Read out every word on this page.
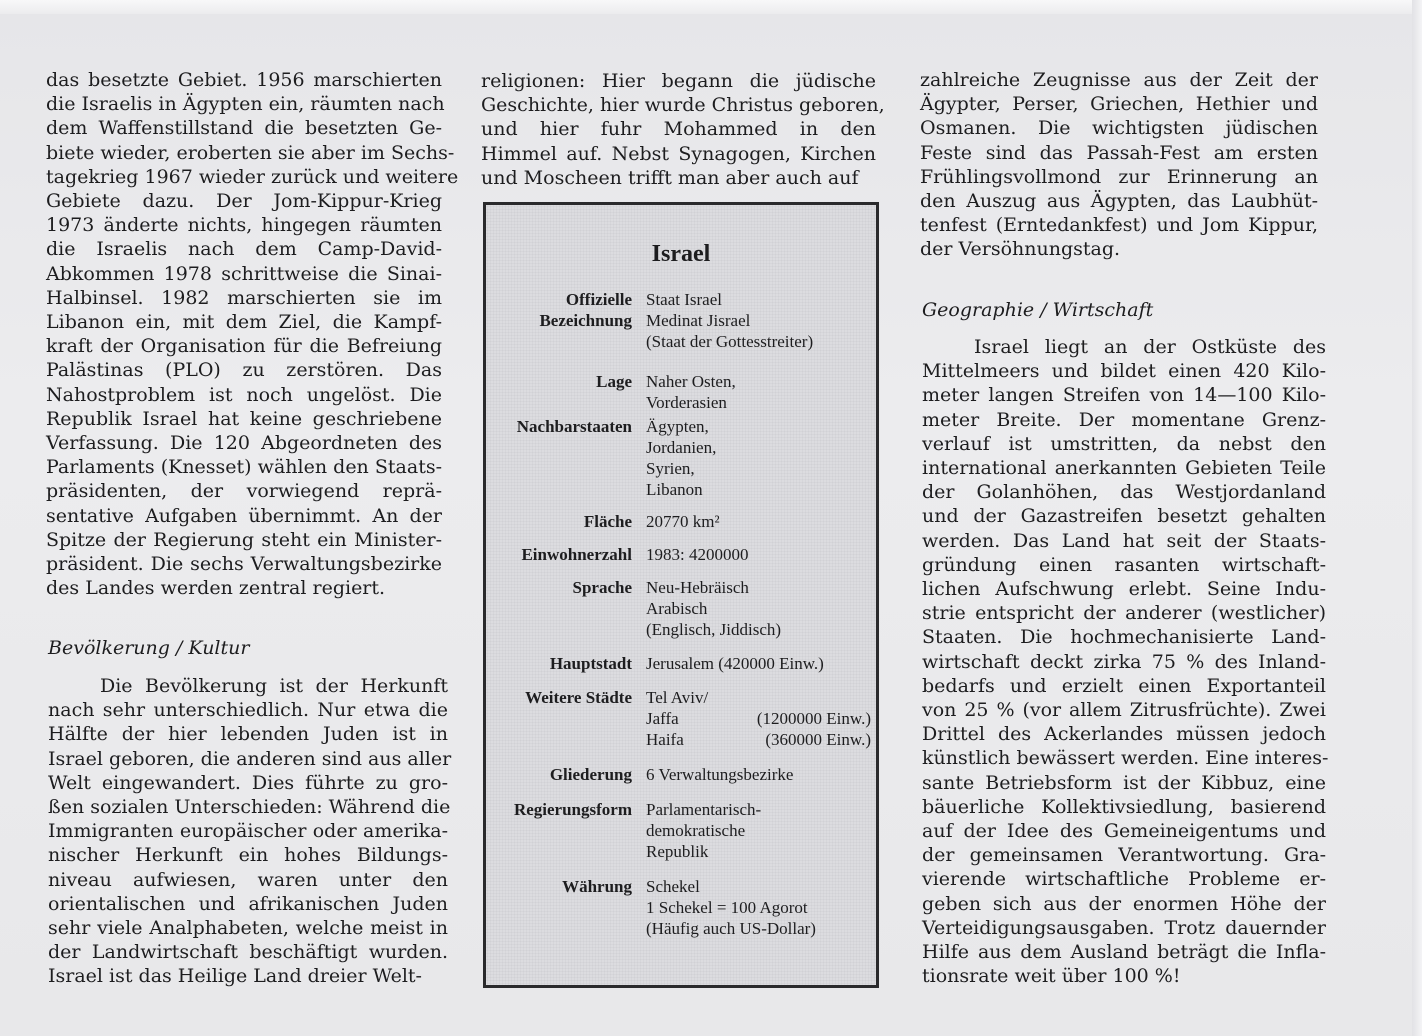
das besetzte Gebiet. 1956 marschierten
die Israelis in Ägypten ein, räumten nach
dem Waffenstillstand die besetzten Ge-
biete wieder, eroberten sie aber im Sechs-
tagekrieg 1967 wieder zurück und weitere
Gebiete dazu. Der Jom-Kippur-Krieg
1973 änderte nichts, hingegen räumten
die Israelis nach dem Camp-David-
Abkommen 1978 schrittweise die Sinai-
Halbinsel. 1982 marschierten sie im
Libanon ein, mit dem Ziel, die Kampf-
kraft der Organisation für die Befreiung
Palästinas (PLO) zu zerstören. Das
Nahostproblem ist noch ungelöst. Die
Republik Israel hat keine geschriebene
Verfassung. Die 120 Abgeordneten des
Parlaments (Knesset) wählen den Staats-
präsidenten, der vorwiegend reprä-
sentative Aufgaben übernimmt. An der
Spitze der Regierung steht ein Minister-
präsident. Die sechs Verwaltungsbezirke
des Landes werden zentral regiert.
Bevölkerung / Kultur
Die Bevölkerung ist der Herkunft
nach sehr unterschiedlich. Nur etwa die
Hälfte der hier lebenden Juden ist in
Israel geboren, die anderen sind aus aller
Welt eingewandert. Dies führte zu gro-
ßen sozialen Unterschieden: Während die
Immigranten europäischer oder amerika-
nischer Herkunft ein hohes Bildungs-
niveau aufwiesen, waren unter den
orientalischen und afrikanischen Juden
sehr viele Analphabeten, welche meist in
der Landwirtschaft beschäftigt wurden.
Israel ist das Heilige Land dreier Welt-
religionen: Hier begann die jüdische
Geschichte, hier wurde Christus geboren,
und hier fuhr Mohammed in den
Himmel auf. Nebst Synagogen, Kirchen
und Moscheen trifft man aber auch auf
Israel
Offizielle
Bezeichnung
Staat Israel
Medinat Jisrael
(Staat der Gottesstreiter)
Lage Naher Osten,
Vorderasien
Nachbarstaaten Ägypten,
Jordanien,
Syrien,
Libanon
Fläche 20770 km²
Einwohnerzahl 1983: 4200000
Sprache Neu-Hebräisch
Arabisch
(Englisch, Jiddisch)
Hauptstadt Jerusalem (420000 Einw.)
Weitere Städte Tel Aviv/
Jaffa	(1200000 Einw.)
Haifa	(360000 Einw.)
Gliederung 6 Verwaltungsbezirke
Regierungsform Parlamentarisch-
demokratische
Republik
Währung Schekel
1 Schekel = 100 Agorot
(Häufig auch US-Dollar)
zahlreiche Zeugnisse aus der Zeit der
Ägypter, Perser, Griechen, Hethier und
Osmanen. Die wichtigsten jüdischen
Feste sind das Passah-Fest am ersten
Frühlingsvollmond zur Erinnerung an
den Auszug aus Ägypten, das Laubhüt-
tenfest (Erntedankfest) und Jom Kippur,
der Versöhnungstag.
Geographie / Wirtschaft
Israel liegt an der Ostküste des
Mittelmeers und bildet einen 420 Kilo-
meter langen Streifen von 14—100 Kilo-
meter Breite. Der momentane Grenz-
verlauf ist umstritten, da nebst den
international anerkannten Gebieten Teile
der Golanhöhen, das Westjordanland
und der Gazastreifen besetzt gehalten
werden. Das Land hat seit der Staats-
gründung einen rasanten wirtschaft-
lichen Aufschwung erlebt. Seine Indu-
strie entspricht der anderer (westlicher)
Staaten. Die hochmechanisierte Land-
wirtschaft deckt zirka 75 % des Inland-
bedarfs und erzielt einen Exportanteil
von 25 % (vor allem Zitrusfrüchte). Zwei
Drittel des Ackerlandes müssen jedoch
künstlich bewässert werden. Eine interes-
sante Betriebsform ist der Kibbuz, eine
bäuerliche Kollektivsiedlung, basierend
auf der Idee des Gemeineigentums und
der gemeinsamen Verantwortung. Gra-
vierende wirtschaftliche Probleme er-
geben sich aus der enormen Höhe der
Verteidigungsausgaben. Trotz dauernder
Hilfe aus dem Ausland beträgt die Infla-
tionsrate weit über 100 %!
